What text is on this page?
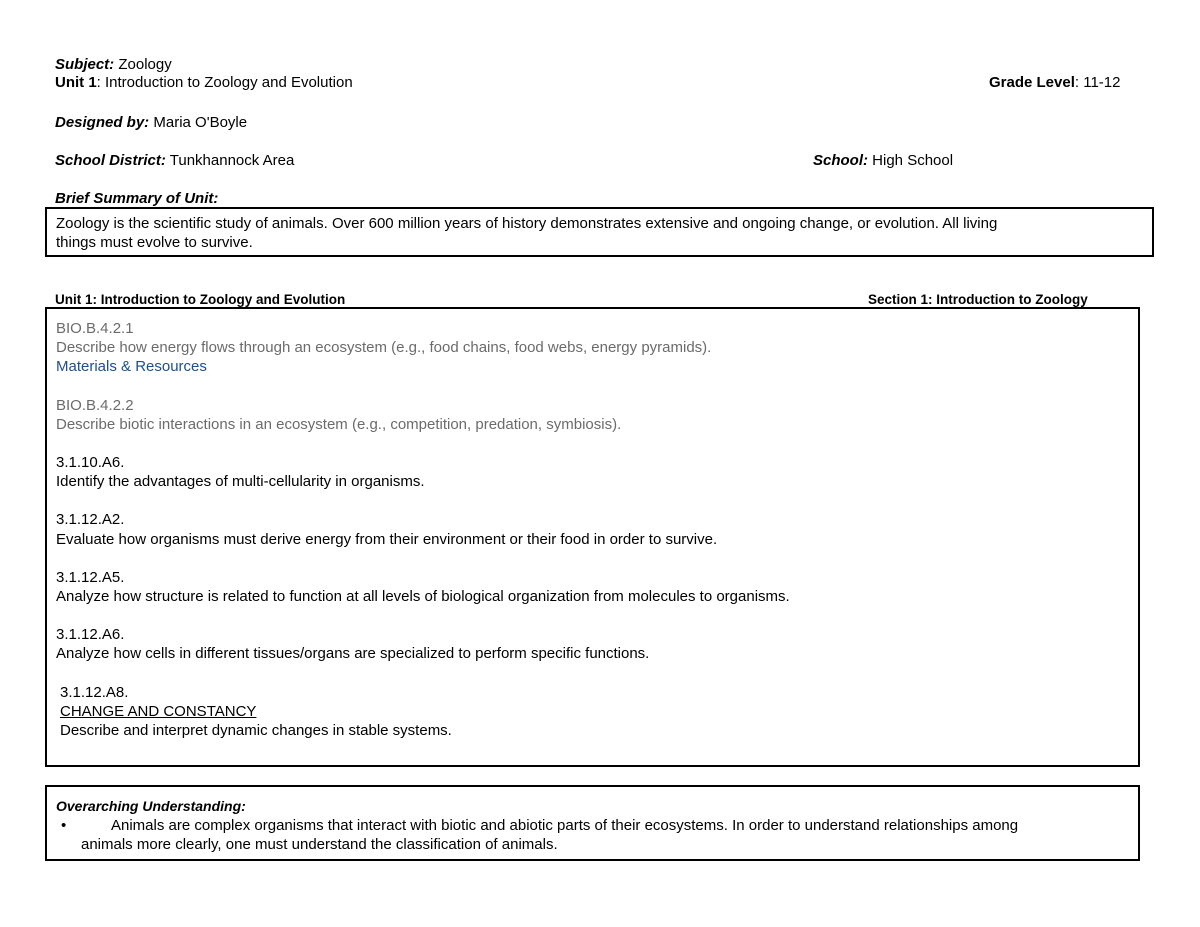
Subject: Zoology
Unit 1: Introduction to Zoology and Evolution	Grade Level: 11-12
Designed by: Maria O'Boyle
School District: Tunkhannock Area	School: High School
Brief Summary of Unit:
Zoology is the scientific study of animals. Over 600 million years of history demonstrates extensive and ongoing change, or evolution. All living
things must evolve to survive.
Unit 1: Introduction to Zoology and Evolution	Section 1: Introduction to Zoology
BIO.B.4.2.1
Describe how energy flows through an ecosystem (e.g., food chains, food webs, energy pyramids).
Materials & Resources
BIO.B.4.2.2
Describe biotic interactions in an ecosystem (e.g., competition, predation, symbiosis).
3.1.10.A6.
Identify the advantages of multi-cellularity in organisms.
3.1.12.A2.
Evaluate how organisms must derive energy from their environment or their food in order to survive.
3.1.12.A5.
Analyze how structure is related to function at all levels of biological organization from molecules to organisms.
3.1.12.A6.
Analyze how cells in different tissues/organs are specialized to perform specific functions.
3.1.12.A8.
CHANGE AND CONSTANCY
Describe and interpret dynamic changes in stable systems.
Overarching Understanding:
•	Animals are complex organisms that interact with biotic and abiotic parts of their ecosystems. In order to understand relationships among
animals more clearly, one must understand the classification of animals.
